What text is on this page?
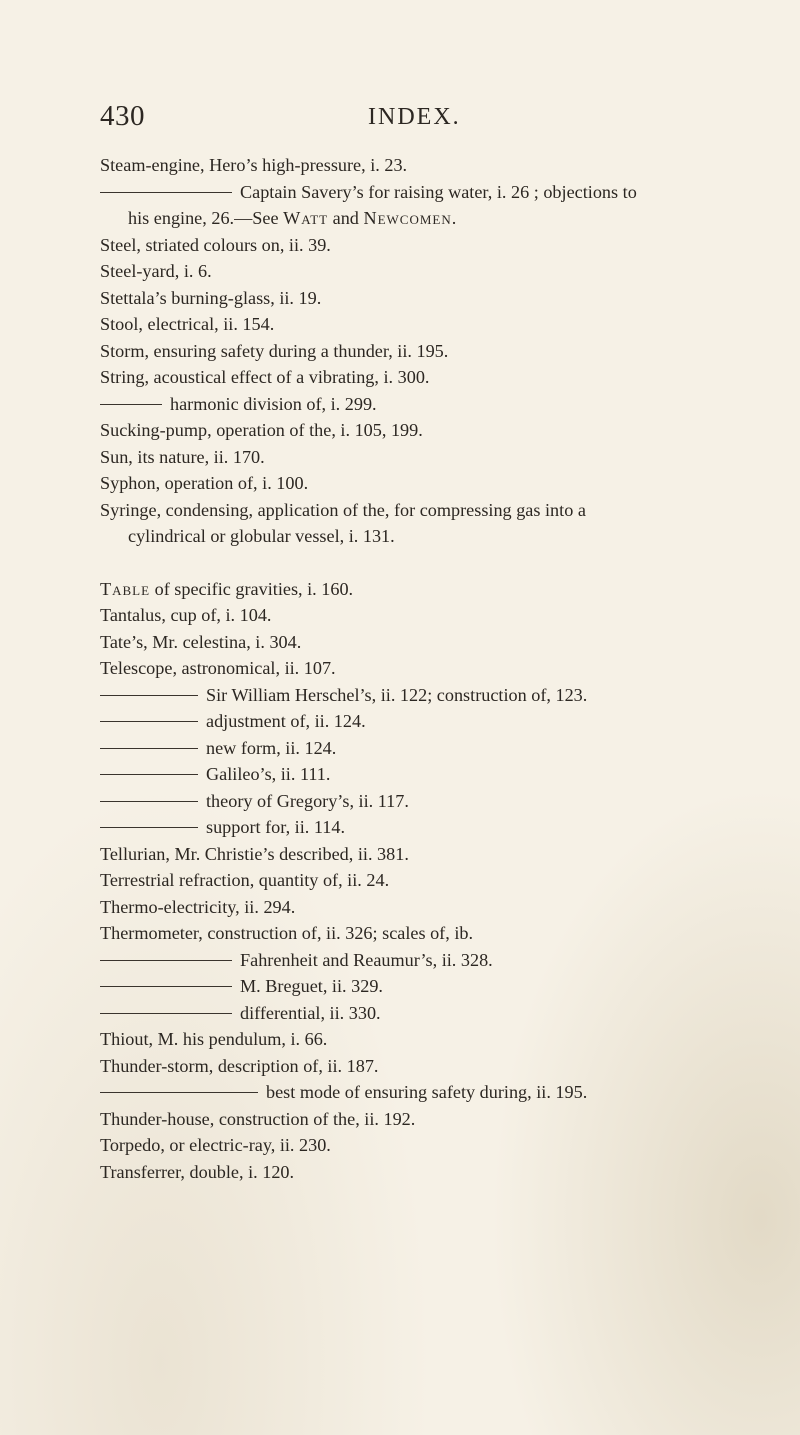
430	INDEX.
Steam-engine, Hero’s high-pressure, i. 23.
Captain Savery’s for raising water, i. 26 ; objections to
his engine, 26.—See Watt and Newcomen.
Steel, striated colours on, ii. 39.
Steel-yard, i. 6.
Stettala’s burning-glass, ii. 19.
Stool, electrical, ii. 154.
Storm, ensuring safety during a thunder, ii. 195.
String, acoustical effect of a vibrating, i. 300.
harmonic division of, i. 299.
Sucking-pump, operation of the, i. 105, 199.
Sun, its nature, ii. 170.
Syphon, operation of, i. 100.
Syringe, condensing, application of the, for compressing gas into a
cylindrical or globular vessel, i. 131.
Table of specific gravities, i. 160.
Tantalus, cup of, i. 104.
Tate’s, Mr. celestina, i. 304.
Telescope, astronomical, ii. 107.
Sir William Herschel’s, ii. 122; construction of, 123.
adjustment of, ii. 124.
new form, ii. 124.
Galileo’s, ii. 111.
theory of Gregory’s, ii. 117.
support for, ii. 114.
Tellurian, Mr. Christie’s described, ii. 381.
Terrestrial refraction, quantity of, ii. 24.
Thermo-electricity, ii. 294.
Thermometer, construction of, ii. 326; scales of, ib.
Fahrenheit and Reaumur’s, ii. 328.
M. Breguet, ii. 329.
differential, ii. 330.
Thiout, M. his pendulum, i. 66.
Thunder-storm, description of, ii. 187.
best mode of ensuring safety during, ii. 195.
Thunder-house, construction of the, ii. 192.
Torpedo, or electric-ray, ii. 230.
Transferrer, double, i. 120.
